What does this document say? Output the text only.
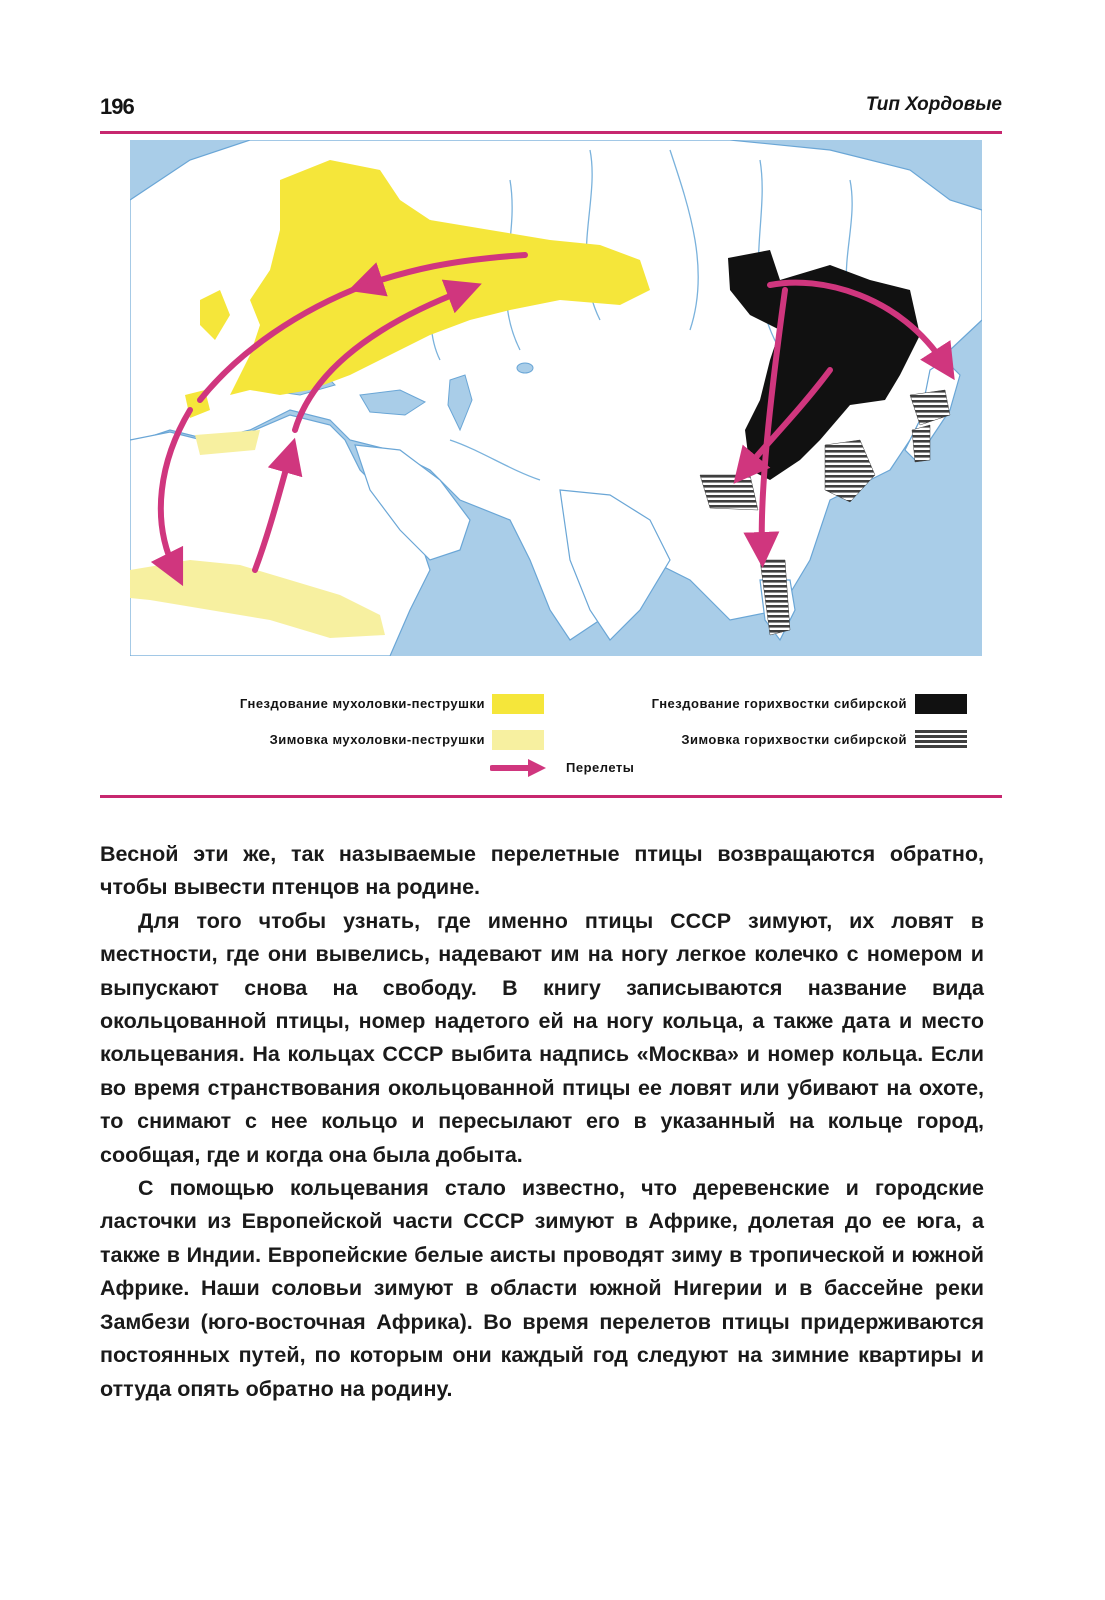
196	Тип Хордовые
Гнездование мухоловки-пеструшки	Гнездование горихвостки сибирской
Зимовка мухоловки-пеструшки	Зимовка горихвостки сибирской
Перелеты

Весной эти же, так называемые перелетные птицы возвращаются обратно, чтобы вывести птенцов на родине.

Для того чтобы узнать, где именно птицы СССР зимуют, их ловят в местности, где они вывелись, надевают им на ногу легкое колечко с номером и выпускают снова на свободу. В книгу записываются название вида окольцованной птицы, номер надетого ей на ногу кольца, а также дата и место кольцевания. На кольцах СССР выбита надпись «Москва» и номер кольца. Если во время странствования окольцованной птицы ее ловят или убивают на охоте, то снимают с нее кольцо и пересылают его в указанный на кольце город, сообщая, где и когда она была добыта.

С помощью кольцевания стало известно, что деревенские и городские ласточки из Европейской части СССР зимуют в Африке, долетая до ее юга, а также в Индии. Европейские белые аисты проводят зиму в тропической и южной Африке. Наши соловьи зимуют в области южной Нигерии и в бассейне реки Замбези (юго-восточная Африка). Во время перелетов птицы придерживаются постоянных путей, по которым они каждый год следуют на зимние квартиры и оттуда опять обратно на родину.
